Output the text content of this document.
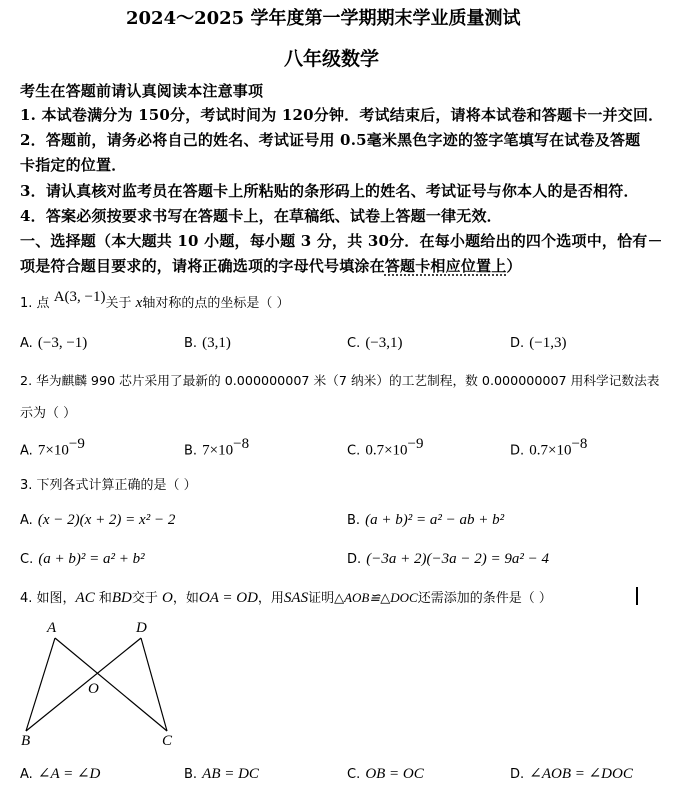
2024～2025 学年度第一学期期末学业质量测试
八年级数学
考生在答题前请认真阅读本注意事项
1. 本试卷满分为 150分，考试时间为 120分钟．考试结束后，请将本试卷和答题卡一并交回．
2．答题前，请务必将自己的姓名、考试证号用 0.5毫米黑色字迹的签字笔填写在试卷及答题
卡指定的位置．
3．请认真核对监考员在答题卡上所粘贴的条形码上的姓名、考试证号与你本人的是否相符．
4．答案必须按要求书写在答题卡上，在草稿纸、试卷上答题一律无效．
一、选择题（本大题共 10 小题，每小题 3 分，共 30分．在每小题给出的四个选项中，恰有－
项是符合题目要求的，请将正确选项的字母代号填涂在答题卡相应位置上）
1. 点 A(3, −1)关于 x轴对称的点的坐标是（ ）
A. (−3, −1)	B. (3,1)	C. (−3,1)	D. (−1,3)
2. 华为麒麟 990 芯片采用了最新的 0.000000007 米（7 纳米）的工艺制程，数 0.000000007 用科学记数法表
示为（ ）
A. $7\times 10^{-9}$	B. $7\times 10^{-8}$	C. $0.7\times 10^{-9}$	D. $0.7\times 10^{-8}$
3. 下列各式计算正确的是（ ）
A. (x − 2)(x + 2) = x² − 2	B. (a + b)² = a² − ab + b²
C. (a + b)² = a² + b²	D. (−3a + 2)(−3a − 2) = 9a² − 4
4. 如图，AC 和BD交于 O，如OA = OD，用SAS证明△AOB≌△DOC还需添加的条件是（ ）
A	D
O
B	C
A. ∠A = ∠D	B. AB = DC	C. OB = OC	D. ∠AOB = ∠DOC
